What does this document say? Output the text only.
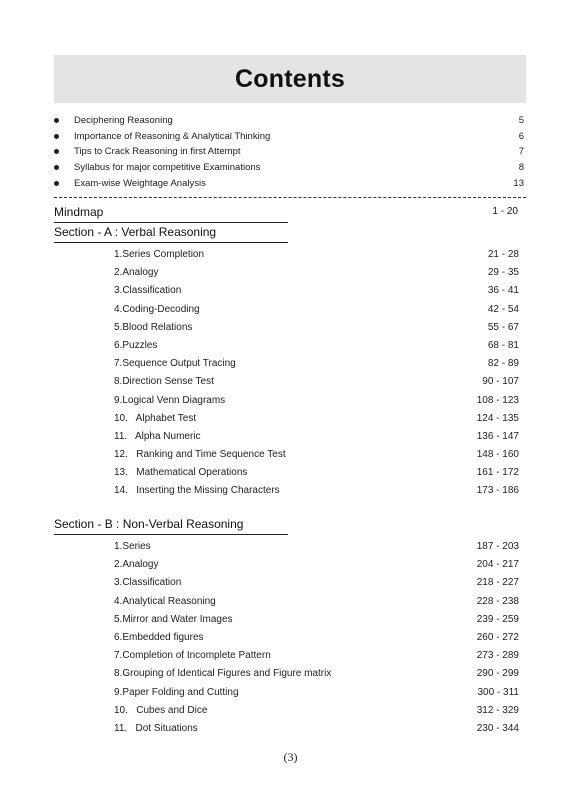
Contents
Deciphering Reasoning	5
Importance of Reasoning & Analytical Thinking	6
Tips to Crack Reasoning in first Attempt	7
Syllabus for major competitive Examinations	8
Exam-wise Weightage Analysis	13
Mindmap	1 - 20
Section - A : Verbal Reasoning
1.Series Completion	21 - 28
2.Analogy	29 - 35
3.Classification	36 - 41
4.Coding-Decoding	42 - 54
5.Blood Relations	55 - 67
6.Puzzles	68 - 81
7.Sequence Output Tracing	82 - 89
8.Direction Sense Test	90 - 107
9.Logical Venn Diagrams	108 - 123
10.   Alphabet Test	124 - 135
11.   Alpha Numeric	136 - 147
12.   Ranking and Time Sequence Test	148 - 160
13.   Mathematical Operations	161 - 172
14.   Inserting the Missing Characters	173 - 186
Section - B : Non-Verbal Reasoning
1.Series	187 - 203
2.Analogy	204 - 217
3.Classification	218 - 227
4.Analytical Reasoning	228 - 238
5.Mirror and Water Images	239 - 259
6.Embedded figures	260 - 272
7.Completion of Incomplete Pattern	273 - 289
8.Grouping of Identical Figures and Figure matrix	290 - 299
9.Paper Folding and Cutting	300 - 311
10.   Cubes and Dice	312 - 329
11.   Dot Situations	230 - 344
(3)
